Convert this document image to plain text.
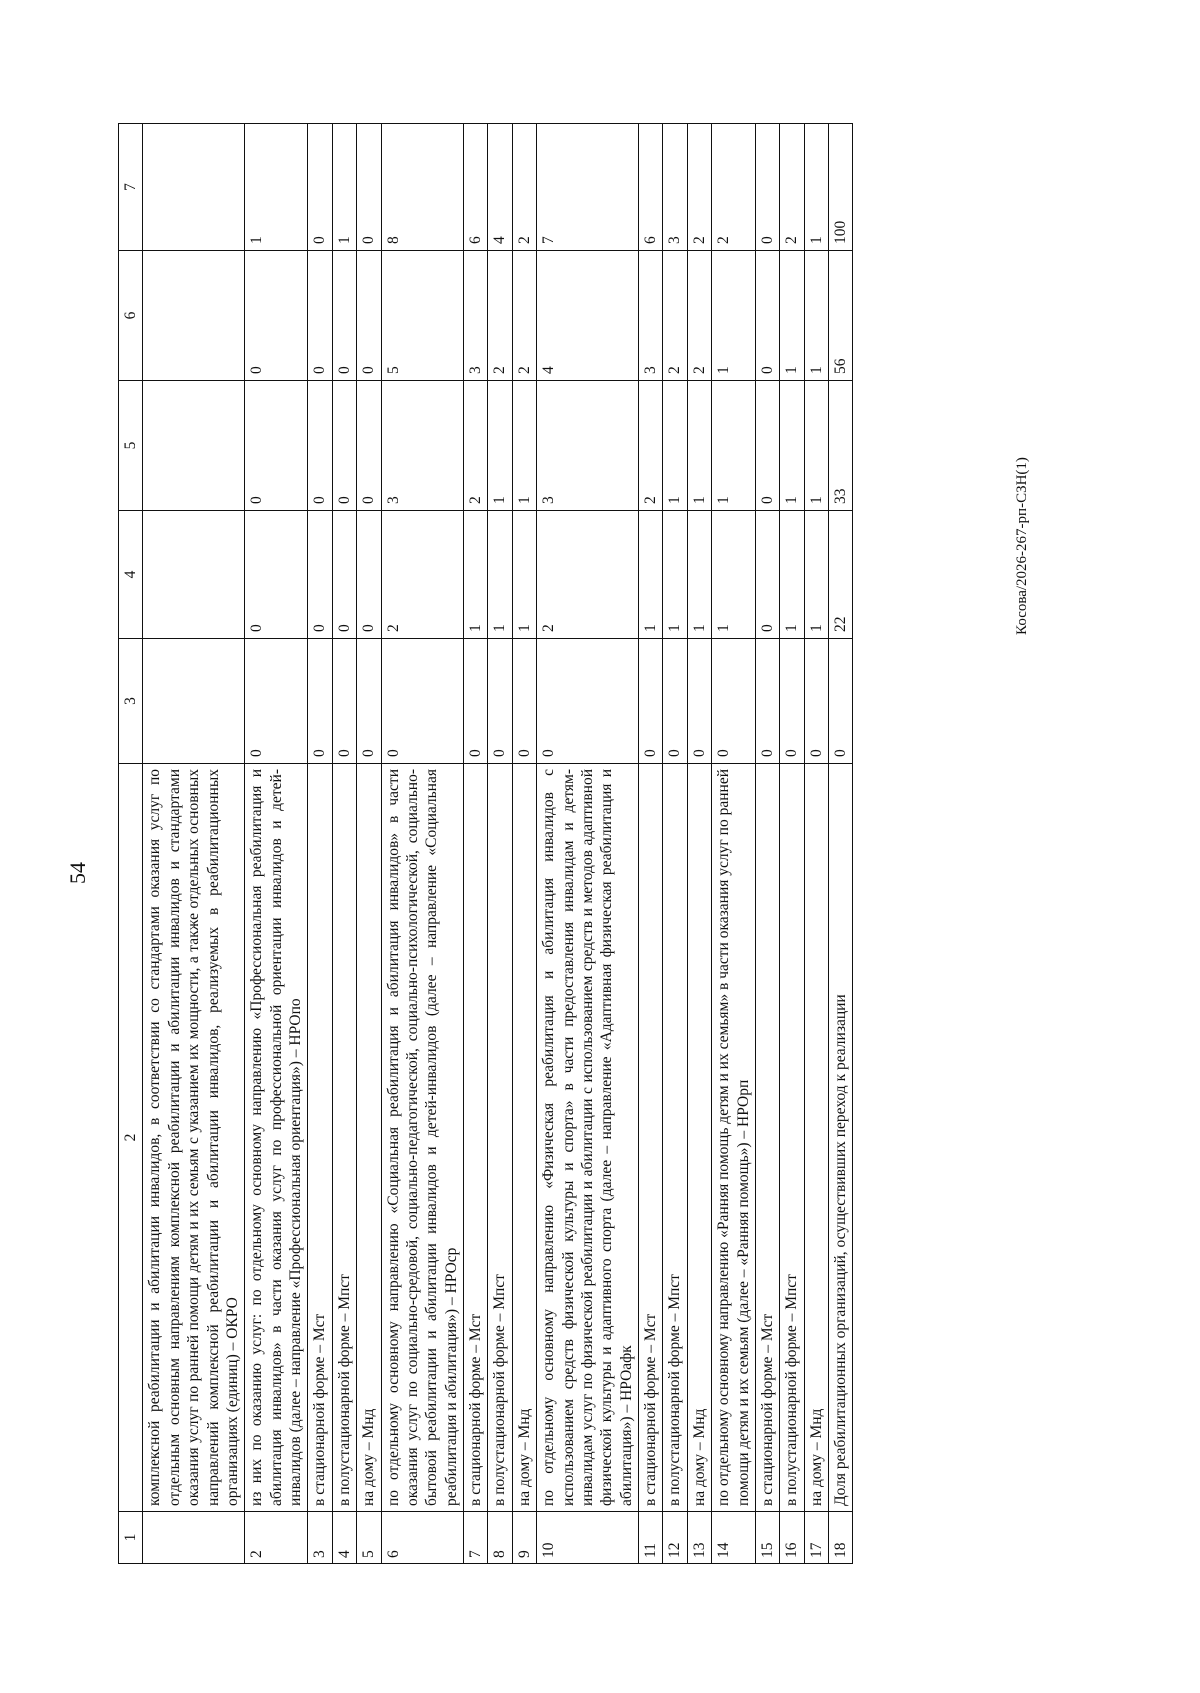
54
Косова/2026-267-рп-СЗН(1)
1	2	3	4	5	6	7
	комплексной реабилитации и абилитации инвалидов, в соответствии со стандартами оказания услуг по отдельным основным направлениям комплексной реабилитации и абилитации инвалидов и стандартами оказания услуг по ранней помощи детям и их семьям с указанием их мощности, а также отдельных основных направлений комплексной реабилитации и абилитации инвалидов, реализуемых в реабилитационных организациях (единиц) – ОКРО					
2	из них по оказанию услуг: по отдельному основному направлению «Профессиональная реабилитация и абилитация инвалидов» в части оказания услуг по профессиональной ориентации инвалидов и детей-инвалидов (далее – направление «Профессиональная ориентация») – НРОпо	0	0	0	0	1
3	в стационарной форме – Мст	0	0	0	0	0
4	в полустационарной форме – Мпст	0	0	0	0	1
5	на дому – Мнд	0	0	0	0	0
6	по отдельному основному направлению «Социальная реабилитация и абилитация инвалидов» в части оказания услуг по социально-средовой, социально-педагогической, социально-психологической, социально-бытовой реабилитации и абилитации инвалидов и детей-инвалидов (далее – направление «Социальная реабилитация и абилитация») – НРОср	0	2	3	5	8
7	в стационарной форме – Мст	0	1	2	3	6
8	в полустационарной форме – Мпст	0	1	1	2	4
9	на дому – Мнд	0	1	1	2	2
10	по отдельному основному направлению «Физическая реабилитация и абилитация инвалидов с использованием средств физической культуры и спорта» в части предоставления инвалидам и детям-инвалидам услуг по физической реабилитации и абилитации с использованием средств и методов адаптивной физической культуры и адаптивного спорта (далее – направление «Адаптивная физическая реабилитация и абилитация») – НРОафк	0	2	3	4	7
11	в стационарной форме – Мст	0	1	2	3	6
12	в полустационарной форме – Мпст	0	1	1	2	3
13	на дому – Мнд	0	1	1	2	2
14	по отдельному основному направлению «Ранняя помощь детям и их семьям» в части оказания услуг по ранней помощи детям и их семьям (далее – «Ранняя помощь») – НРОрп	0	1	1	1	2
15	в стационарной форме – Мст	0	0	0	0	0
16	в полустационарной форме – Мпст	0	1	1	1	2
17	на дому – Мнд	0	1	1	1	1
18	Доля реабилитационных организаций, осуществивших переход к реализации	0	22	33	56	100
